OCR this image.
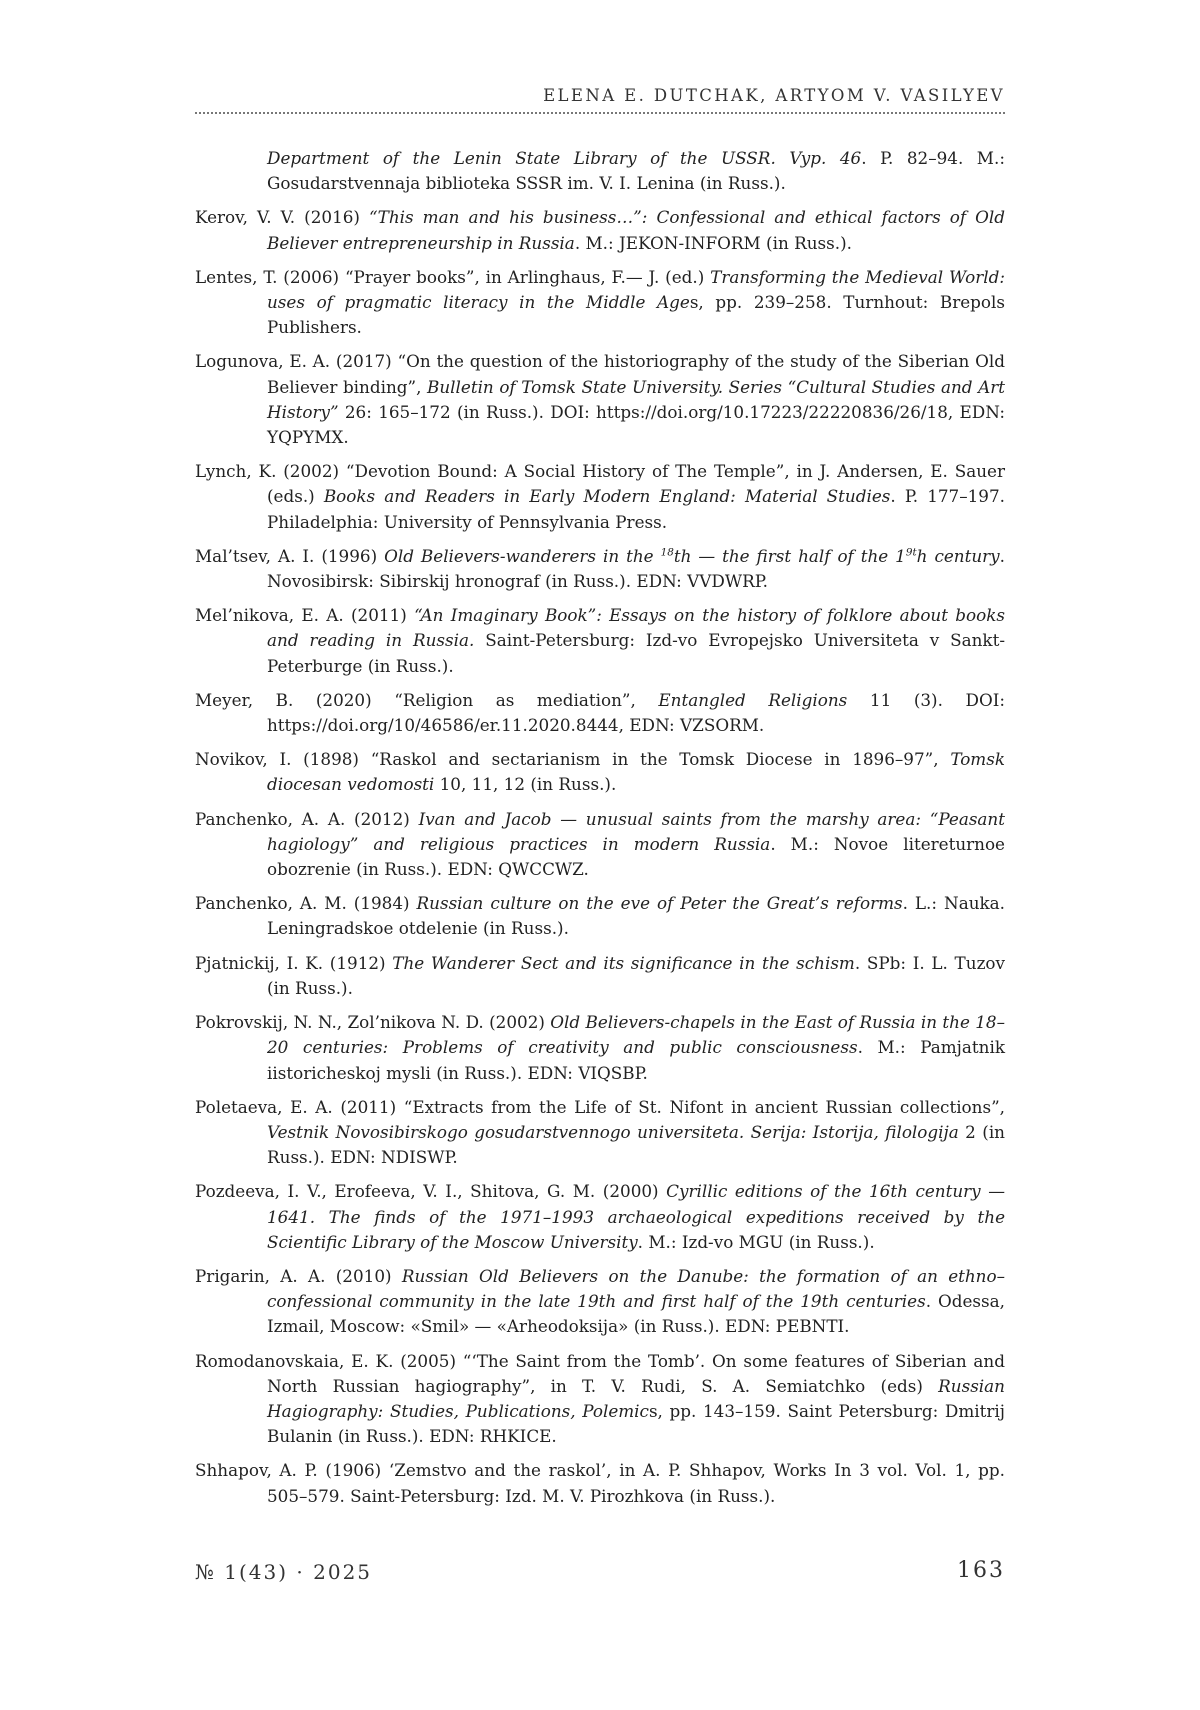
ELENA E. DUTCHAK, ARTYOM V. VASILYEV
Department of the Lenin State Library of the USSR. Vyp. 46. P. 82–94. M.: Gosudarstvennaja biblioteka SSSR im. V. I. Lenina (in Russ.).
Kerov, V. V. (2016) “This man and his business…”: Confessional and ethical factors of Old Believer entrepreneurship in Russia. M.: JEKON-INFORM (in Russ.).
Lentes, T. (2006) “Prayer books”, in Arlinghaus, F.— J. (ed.) Transforming the Medieval World: uses of pragmatic literacy in the Middle Ages, pp. 239–258. Turnhout: Brepols Publishers.
Logunova, E. A. (2017) “On the question of the historiography of the study of the Siberian Old Believer binding”, Bulletin of Tomsk State University. Series “Cultural Studies and Art History” 26: 165–172 (in Russ.). DOI: https://doi.org/10.17223/22220836/26/18, EDN: YQPYMX.
Lynch, K. (2002) “Devotion Bound: A Social History of The Temple”, in J. Andersen, E. Sauer (eds.) Books and Readers in Early Modern England: Material Studies. P. 177–197. Philadelphia: University of Pennsylvania Press.
Mal’tsev, A. I. (1996) Old Believers-wanderers in the $^{18}$th — the first half of the $1^{9t}h$ century. Novosibirsk: Sibirskij hronograf (in Russ.). EDN: VVDWRP.
Mel’nikova, E. A. (2011) “An Imaginary Book”: Essays on the history of folklore about books and reading in Russia. Saint-Petersburg: Izd-vo Evropejsko Universiteta v Sankt-Peterburge (in Russ.).
Meyer, B. (2020) “Religion as mediation”, Entangled Religions 11 (3). DOI: https://doi.org/10/46586/er.11.2020.8444, EDN: VZSORM.
Novikov, I. (1898) “Raskol and sectarianism in the Tomsk Diocese in 1896–97”, Tomsk diocesan vedomosti 10, 11, 12 (in Russ.).
Panchenko, A. A. (2012) Ivan and Jacob — unusual saints from the marshy area: “Peasant hagiology” and religious practices in modern Russia. M.: Novoe litereturnoe obozrenie (in Russ.). EDN: QWCCWZ.
Panchenko, A. M. (1984) Russian culture on the eve of Peter the Great’s reforms. L.: Nauka. Leningradskoe otdelenie (in Russ.).
Pjatnickij, I. K. (1912) The Wanderer Sect and its significance in the schism. SPb: I. L. Tuzov (in Russ.).
Pokrovskij, N. N., Zol’nikova N. D. (2002) Old Believers-chapels in the East of Russia in the 18–20 centuries: Problems of creativity and public consciousness. M.: Pamjatnik iistoricheskoj mysli (in Russ.). EDN: VIQSBP.
Poletaeva, E. A. (2011) “Extracts from the Life of St. Nifont in ancient Russian collections”, Vestnik Novosibirskogo gosudarstvennogo universiteta. Serija: Istorija, filologija 2 (in Russ.). EDN: NDISWP.
Pozdeeva, I. V., Erofeeva, V. I., Shitova, G. M. (2000) Cyrillic editions of the 16th century — 1641. The finds of the 1971–1993 archaeological expeditions received by the Scientific Library of the Moscow University. M.: Izd-vo MGU (in Russ.).
Prigarin, A. A. (2010) Russian Old Believers on the Danube: the formation of an ethno–confessional community in the late 19th and first half of the 19th centuries. Odessa, Izmail, Moscow: «Smil» — «Arheodoksija» (in Russ.). EDN: PEBNTI.
Romodanovskaia, E. K. (2005) “‘The Saint from the Tomb’. On some features of Siberian and North Russian hagiography”, in T. V. Rudi, S. A. Semiatchko (eds) Russian Hagiography: Studies, Publications, Polemics, pp. 143–159. Saint Petersburg: Dmitrij Bulanin (in Russ.). EDN: RHKICE.
Shhapov, A. P. (1906) ‘Zemstvo and the raskol’, in A. P. Shhapov, Works In 3 vol. Vol. 1, pp. 505–579. Saint-Petersburg: Izd. M. V. Pirozhkova (in Russ.).
№ 1(43) · 2025	163
